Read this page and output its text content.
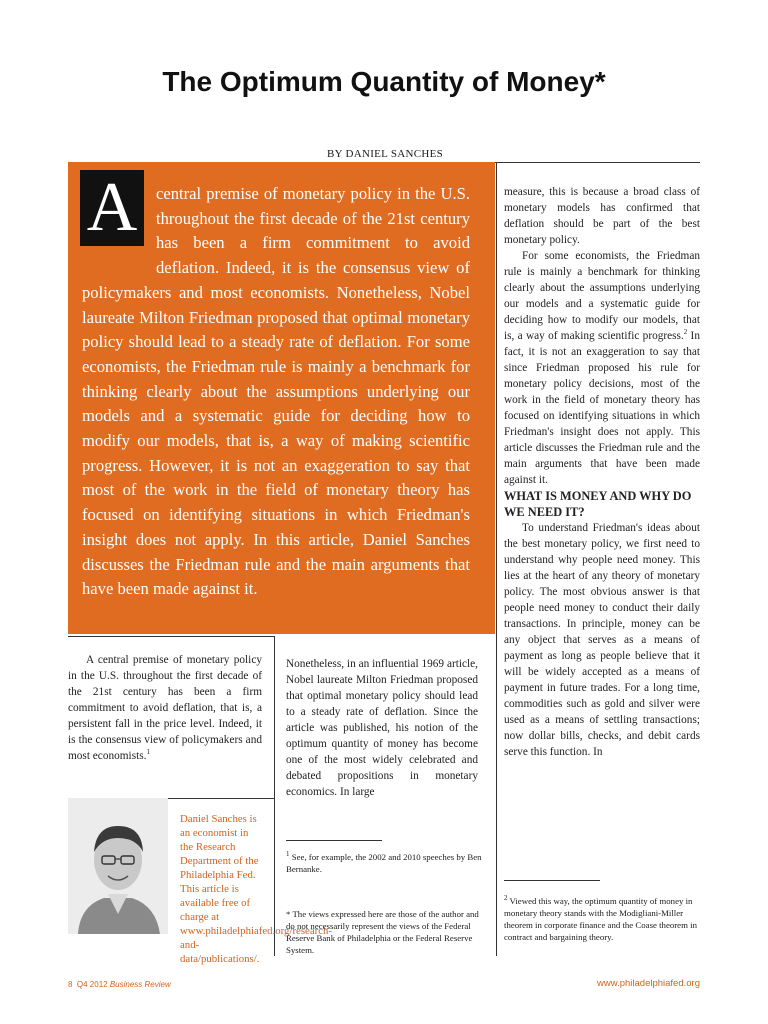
The Optimum Quantity of Money*
BY DANIEL SANCHES
A	central premise of monetary policy in the U.S. throughout the first decade of the 21st century has been a firm commitment to avoid deflation. Indeed, it is the consensus view of policymakers and most economists. Nonetheless, Nobel laureate Milton Friedman proposed that optimal monetary policy should lead to a steady rate of deflation. For some economists, the Friedman rule is mainly a benchmark for thinking clearly about the assumptions underlying our models and a systematic guide for deciding how to modify our models, that is, a way of making scientific progress. However, it is not an exaggeration to say that most of the work in the field of monetary theory has focused on identifying situations in which Friedman's insight does not apply. In this article, Daniel Sanches discusses the Friedman rule and the main arguments that have been made against it.

A central premise of monetary policy in the U.S. throughout the first decade of the 21st century has been a firm commitment to avoid deflation, that is, a persistent fall in the price level. Indeed, it is the consensus view of policymakers and most economists.$^1$

Daniel Sanches is an economist in the Research Department of the Philadelphia Fed. This article is available free of charge at www.philadelphiafed.org/research-and-data/publications/.

Nonetheless, in an influential 1969 article, Nobel laureate Milton Friedman proposed that optimal monetary policy should lead to a steady rate of deflation. Since the article was published, his notion of the optimum quantity of money has become one of the most widely celebrated and debated propositions in monetary economics. In large

$^1$ See, for example, the 2002 and 2010 speeches by Ben Bernanke.
* The views expressed here are those of the author and do not necessarily represent the views of the Federal Reserve Bank of Philadelphia or the Federal Reserve System.

measure, this is because a broad class of monetary models has confirmed that deflation should be part of the best monetary policy.

For some economists, the Friedman rule is mainly a benchmark for thinking clearly about the assumptions underlying our models and a systematic guide for deciding how to modify our models, that is, a way of making scientific progress.$^2$ In fact, it is not an exaggeration to say that since Friedman proposed his rule for monetary policy decisions, most of the work in the field of monetary theory has focused on identifying situations in which Friedman's insight does not apply. This article discusses the Friedman rule and the main arguments that have been made against it.

WHAT IS MONEY AND WHY DO WE NEED IT?

To understand Friedman's ideas about the best monetary policy, we first need to understand why people need money. This lies at the heart of any theory of monetary policy. The most obvious answer is that people need money to conduct their daily transactions. In principle, money can be any object that serves as a means of payment as long as people believe that it will be widely accepted as a means of payment in future trades. For a long time, commodities such as gold and silver were used as a means of settling transactions; now dollar bills, checks, and debit cards serve this function. In

$^2$ Viewed this way, the optimum quantity of money in monetary theory stands with the Modigliani-Miller theorem in corporate finance and the Coase theorem in contract and bargaining theory.
8 Q4 2012 Business Review	www.philadelphiafed.org
